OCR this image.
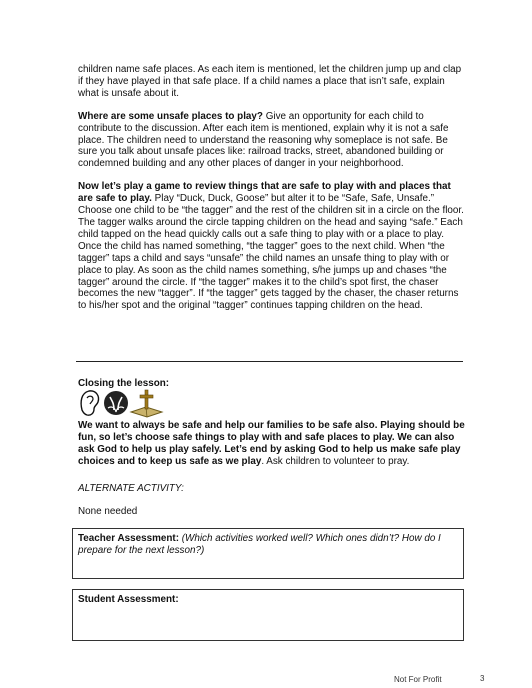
children name safe places. As each item is mentioned, let the children jump up and clap if they have played in that safe place. If a child names a place that isn’t safe, explain what is unsafe about it.

Where are some unsafe places to play? Give an opportunity for each child to contribute to the discussion. After each item is mentioned, explain why it is not a safe place. The children need to understand the reasoning why someplace is not safe. Be sure you talk about unsafe places like: railroad tracks, street, abandoned building or condemned building and any other places of danger in your neighborhood.

Now let’s play a game to review things that are safe to play with and places that are safe to play. Play “Duck, Duck, Goose” but alter it to be “Safe, Safe, Unsafe.” Choose one child to be “the tagger” and the rest of the children sit in a circle on the floor. The tagger walks around the circle tapping children on the head and saying “safe.” Each child tapped on the head quickly calls out a safe thing to play with or a place to play. Once the child has named something, “the tagger” goes to the next child. When “the tagger” taps a child and says “unsafe” the child names an unsafe thing to play with or place to play. As soon as the child names something, s/he jumps up and chases “the tagger” around the circle. If “the tagger” makes it to the child’s spot first, the chaser becomes the new “tagger”. If “the tagger” gets tagged by the chaser, the chaser returns to his/her spot and the original “tagger” continues tapping children on the head.

Closing the lesson:
We want to always be safe and help our families to be safe also. Playing should be fun, so let’s choose safe things to play with and safe places to play. We can also ask God to help us play safely. Let’s end by asking God to help us make safe play choices and to keep us safe as we play. Ask children to volunteer to pray.
ALTERNATE ACTIVITY:
None needed
Teacher Assessment: (Which activities worked well? Which ones didn’t? How do I prepare for the next lesson?)
Student Assessment:
Not For Profit	3
